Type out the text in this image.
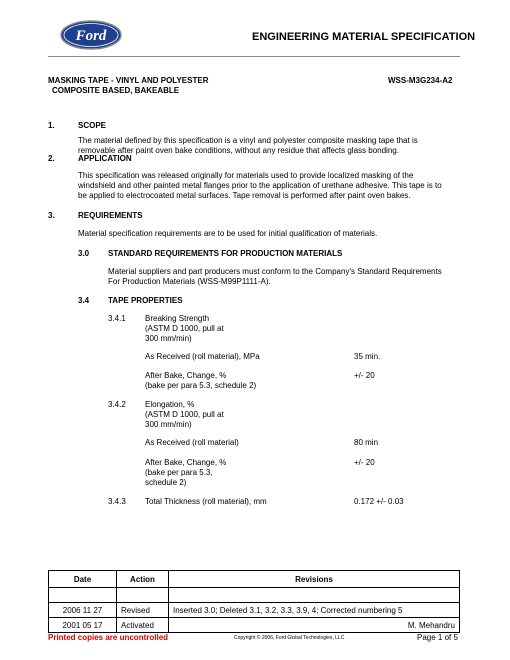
Ford	ENGINEERING MATERIAL SPECIFICATION
MASKING TAPE - VINYL AND POLYESTER
COMPOSITE BASED, BAKEABLE
WSS-M3G234-A2
1.	SCOPE
The material defined by this specification is a vinyl and polyester composite masking tape that is
removable after paint oven bake conditions, without any residue that affects glass bonding.
2.	APPLICATION
This specification was released originally for materials used to provide localized masking of the
windshield and other painted metal flanges prior to the application of urethane adhesive. This tape is to
be applied to electrocoated metal surfaces. Tape removal is performed after paint oven bakes.
3.	REQUIREMENTS
Material specification requirements are to be used for initial qualification of materials.
3.0 STANDARD REQUIREMENTS FOR PRODUCTION MATERIALS
Material suppliers and part producers must conform to the Company's Standard Requirements
For Production Materials (WSS-M99P1111-A).
3.4 TAPE PROPERTIES
3.4.1 Breaking Strength
(ASTM D 1000, pull at
300 mm/min)
As Received (roll material), MPa	35 min.
After Bake, Change, %
(bake per para 5.3, schedule 2)
+/- 20
3.4.2 Elongation, %
(ASTM D 1000, pull at
300 mm/min)
As Received (roll material)	80 min
After Bake, Change, %
(bake per para 5.3,
schedule 2)
+/- 20
3.4.3 Total Thickness (roll material), mm	0.172 +/- 0.03
Date	Action	Revisions

2006 11 27	Revised	Inserted 3.0; Deleted 3.1, 3.2, 3.3, 3.9, 4; Corrected numbering 5
2001 05 17	Activated	M. Mehandru
Printed copies are uncontrolled	Copyright © 2006, Ford Global Technologies, LLC	Page 1 of 5
